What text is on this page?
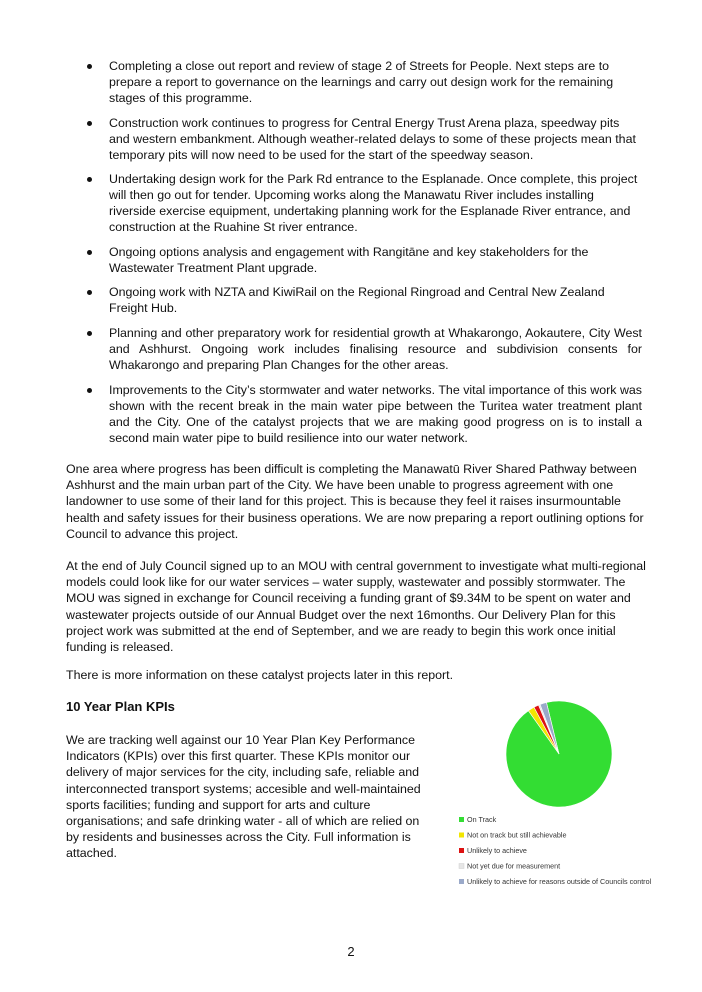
Completing a close out report and review of stage 2 of Streets for People. Next steps are to prepare a report to governance on the learnings and carry out design work for the remaining stages of this programme.
Construction work continues to progress for Central Energy Trust Arena plaza, speedway pits and western embankment. Although weather-related delays to some of these projects mean that temporary pits will now need to be used for the start of the speedway season.
Undertaking design work for the Park Rd entrance to the Esplanade. Once complete, this project will then go out for tender. Upcoming works along the Manawatu River includes installing riverside exercise equipment, undertaking planning work for the Esplanade River entrance, and construction at the Ruahine St river entrance.
Ongoing options analysis and engagement with Rangitāne and key stakeholders for the Wastewater Treatment Plant upgrade.
Ongoing work with NZTA and KiwiRail on the Regional Ringroad and Central New Zealand Freight Hub.
Planning and other preparatory work for residential growth at Whakarongo, Aokautere, City West and Ashhurst. Ongoing work includes finalising resource and subdivision consents for Whakarongo and preparing Plan Changes for the other areas.
Improvements to the City’s stormwater and water networks. The vital importance of this work was shown with the recent break in the main water pipe between the Turitea water treatment plant and the City. One of the catalyst projects that we are making good progress on is to install a second main water pipe to build resilience into our water network.

One area where progress has been difficult is completing the Manawatū River Shared Pathway between Ashhurst and the main urban part of the City. We have been unable to progress agreement with one landowner to use some of their land for this project. This is because they feel it raises insurmountable health and safety issues for their business operations. We are now preparing a report outlining options for Council to advance this project.

At the end of July Council signed up to an MOU with central government to investigate what multi-regional models could look like for our water services – water supply, wastewater and possibly stormwater. The MOU was signed in exchange for Council receiving a funding grant of $9.34M to be spent on water and wastewater projects outside of our Annual Budget over the next 16months. Our Delivery Plan for this project work was submitted at the end of September, and we are ready to begin this work once initial funding is released.

There is more information on these catalyst projects later in this report.

10 Year Plan KPIs

We are tracking well against our 10 Year Plan Key Performance Indicators (KPIs) over this first quarter. These KPIs monitor our delivery of major services for the city, including safe, reliable and interconnected transport systems; accesible and well-maintained sports facilities; funding and support for arts and culture organisations; and safe drinking water - all of which are relied on by residents and businesses across the City. Full information is attached.

On Track
Not on track but still achievable
Unlikely to achieve
Not yet due for measurement
Unlikely to achieve for reasons outside of Councils control
2
